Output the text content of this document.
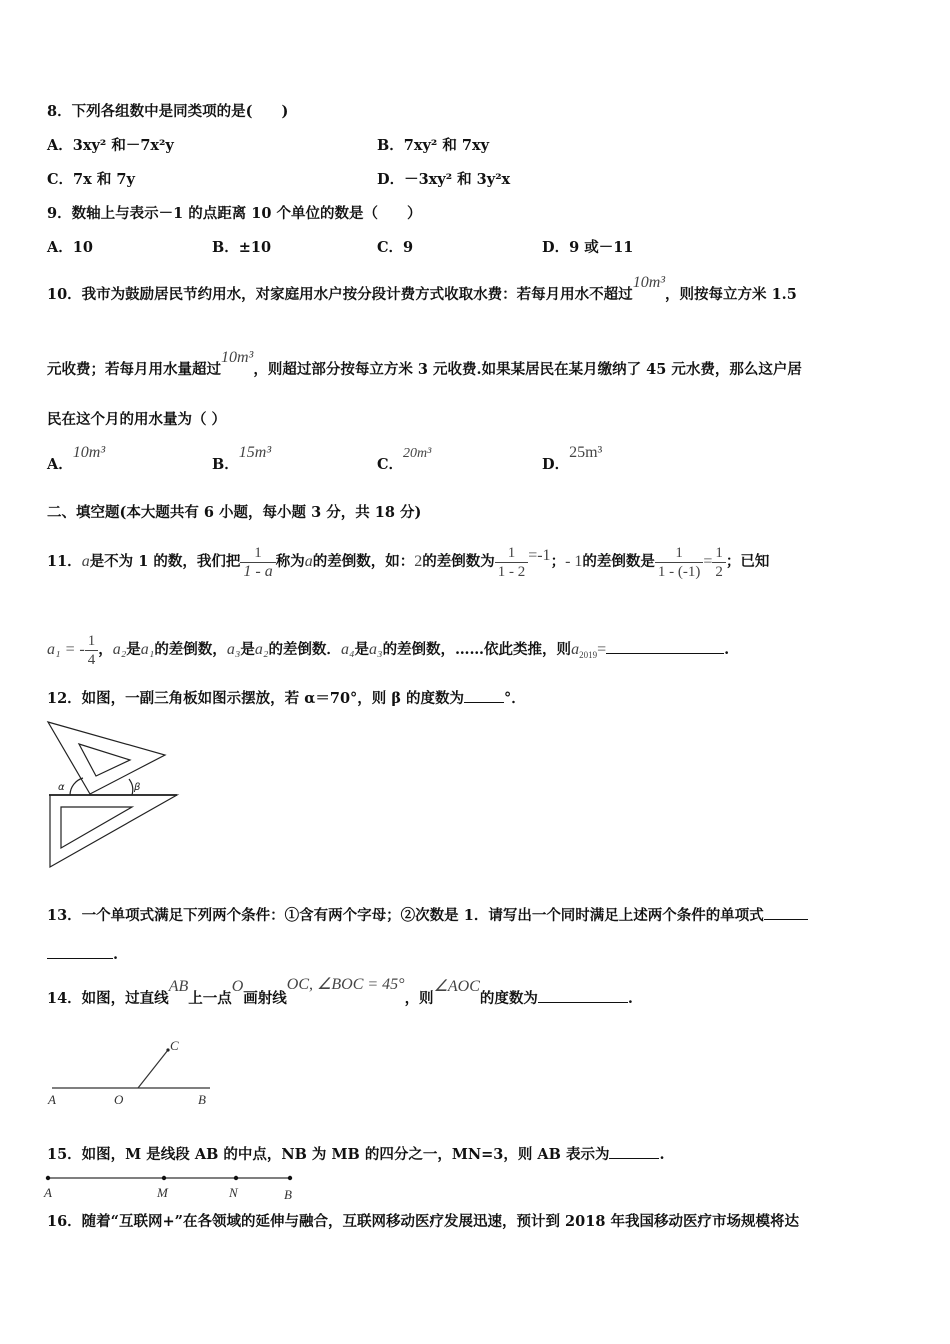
8．下列各组数中是同类项的是(　　)
A．3xy² 和－7x²y	B．7xy² 和 7xy
C．7x 和 7y	D．－3xy² 和 3y²x
9．数轴上与表示－1 的点距离 10 个单位的数是（　　）
A．10	B．±10	C．9	D．9 或－11
10．我市为鼓励居民节约用水，对家庭用水户按分段计费方式收取水费：若每月用水不超过10m³，则按每立方米 1.5
元收费；若每月用水量超过10m³，则超过部分按每立方米 3 元收费.如果某居民在某月缴纳了 45 元水费，那么这户居
民在这个月的用水量为（ ）
A．10m³
B．15m³
C．20m³
D．25m³
二、填空题(本大题共有 6 小题，每小题 3 分，共 18 分)
11．a是不为 1 的数，我们把 $\frac{1}{1 - a}$ 称为a的差倒数，如：2的差倒数为 $\frac{1}{1 - 2} =-1$；- 1的差倒数是 $\frac{1}{1 - (-1)} = \frac{1}{2}$ ；已知
a₁ = - $\frac{1}{4}$ ，a₂是a₁的差倒数，a₃是a₂的差倒数．a₄是a₃的差倒数，……依此类推，则$a_{2019}=$	.
12．如图，一副三角板如图示摆放，若 α＝70°，则 β 的度数为	°．
α	β
13．一个单项式满足下列两个条件：①含有两个字母；②次数是 1．请写出一个同时满足上述两个条件的单项式
.
14．如图，过直线AB上一点O画射线OC, ∠BOC = 45°，则∠AOC的度数为	.
A	O	B
C
15．如图，M 是线段 AB 的中点，NB 为 MB 的四分之一，MN=3，则 AB 表示为	.
A	M	N	B
16．随着“互联网+”在各领域的延伸与融合，互联网移动医疗发展迅速，预计到 2018 年我国移动医疗市场规模将达
